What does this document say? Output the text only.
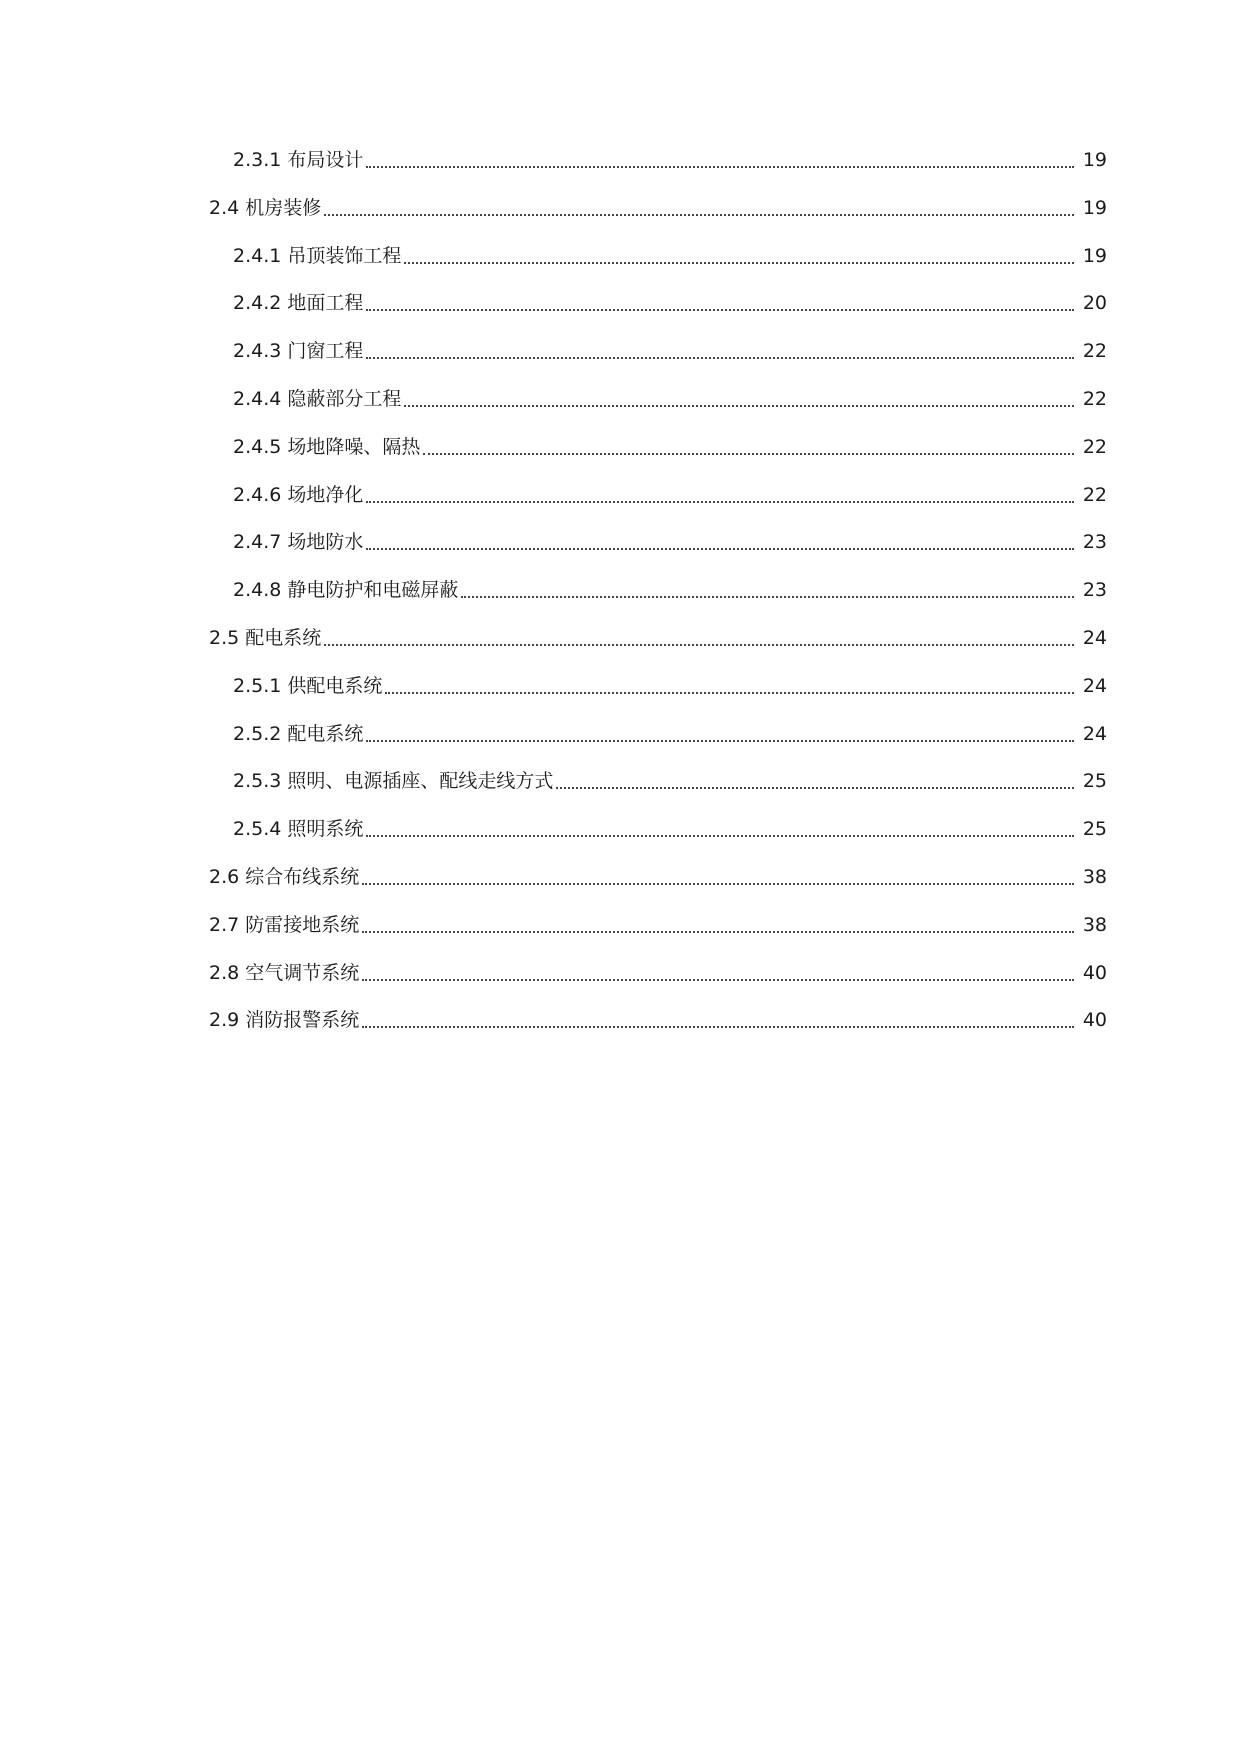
2.3.1 布局设计	19
2.4 机房装修	19
2.4.1 吊顶装饰工程	19
2.4.2 地面工程	20
2.4.3 门窗工程	22
2.4.4 隐蔽部分工程	22
2.4.5 场地降噪、隔热	22
2.4.6 场地净化	22
2.4.7 场地防水	23
2.4.8 静电防护和电磁屏蔽	23
2.5 配电系统	24
2.5.1 供配电系统	24
2.5.2 配电系统	24
2.5.3 照明、电源插座、配线走线方式	25
2.5.4 照明系统	25
2.6 综合布线系统	38
2.7 防雷接地系统	38
2.8 空气调节系统	40
2.9 消防报警系统	40
